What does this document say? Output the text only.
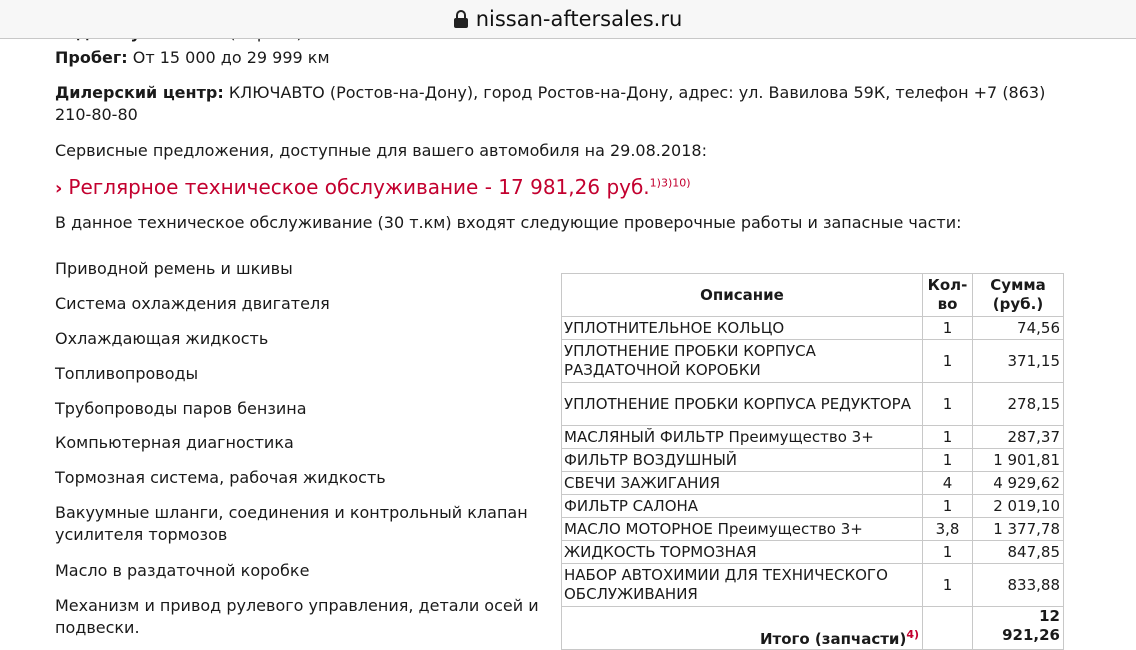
nissan-aftersales.ru
Пробег: От 15 000 до 29 999 км
Дилерский центр: КЛЮЧАВТО (Ростов-на-Дону), город Ростов-на-Дону, адрес: ул. Вавилова 59К, телефон +7 (863)
210-80-80
Сервисные предложения, доступные для вашего автомобиля на 29.08.2018:
› Реглярное техническое обслуживание - 17 981,26 руб.$^{1)3)10)}$
В данное техническое обслуживание (30 т.км) входят следующие проверочные работы и запасные части:
Приводной ремень и шкивы
Система охлаждения двигателя
Охлаждающая жидкость
Топливопроводы
Трубопроводы паров бензина
Компьютерная диагностика
Тормозная система, рабочая жидкость
Вакуумные шланги, соединения и контрольный клапан усилителя тормозов
Масло в раздаточной коробке
Механизм и привод рулевого управления, детали осей и подвески.
Описание	Кол-во	Сумма (руб.)
УПЛОТНИТЕЛЬНОЕ КОЛЬЦО	1	74,56
УПЛОТНЕНИЕ ПРОБКИ КОРПУСА РАЗДАТОЧНОЙ КОРОБКИ	1	371,15
УПЛОТНЕНИЕ ПРОБКИ КОРПУСА РЕДУКТОРА	1	278,15
МАСЛЯНЫЙ ФИЛЬТР Преимущество 3+	1	287,37
ФИЛЬТР ВОЗДУШНЫЙ	1	1 901,81
СВЕЧИ ЗАЖИГАНИЯ	4	4 929,62
ФИЛЬТР САЛОНА	1	2 019,10
МАСЛО МОТОРНОЕ Преимущество 3+	3,8	1 377,78
ЖИДКОСТЬ ТОРМОЗНАЯ	1	847,85
НАБОР АВТОХИМИИ ДЛЯ ТЕХНИЧЕСКОГО ОБСЛУЖИВАНИЯ	1	833,88
Итого (запчасти)$^{4)}$		12 921,26
